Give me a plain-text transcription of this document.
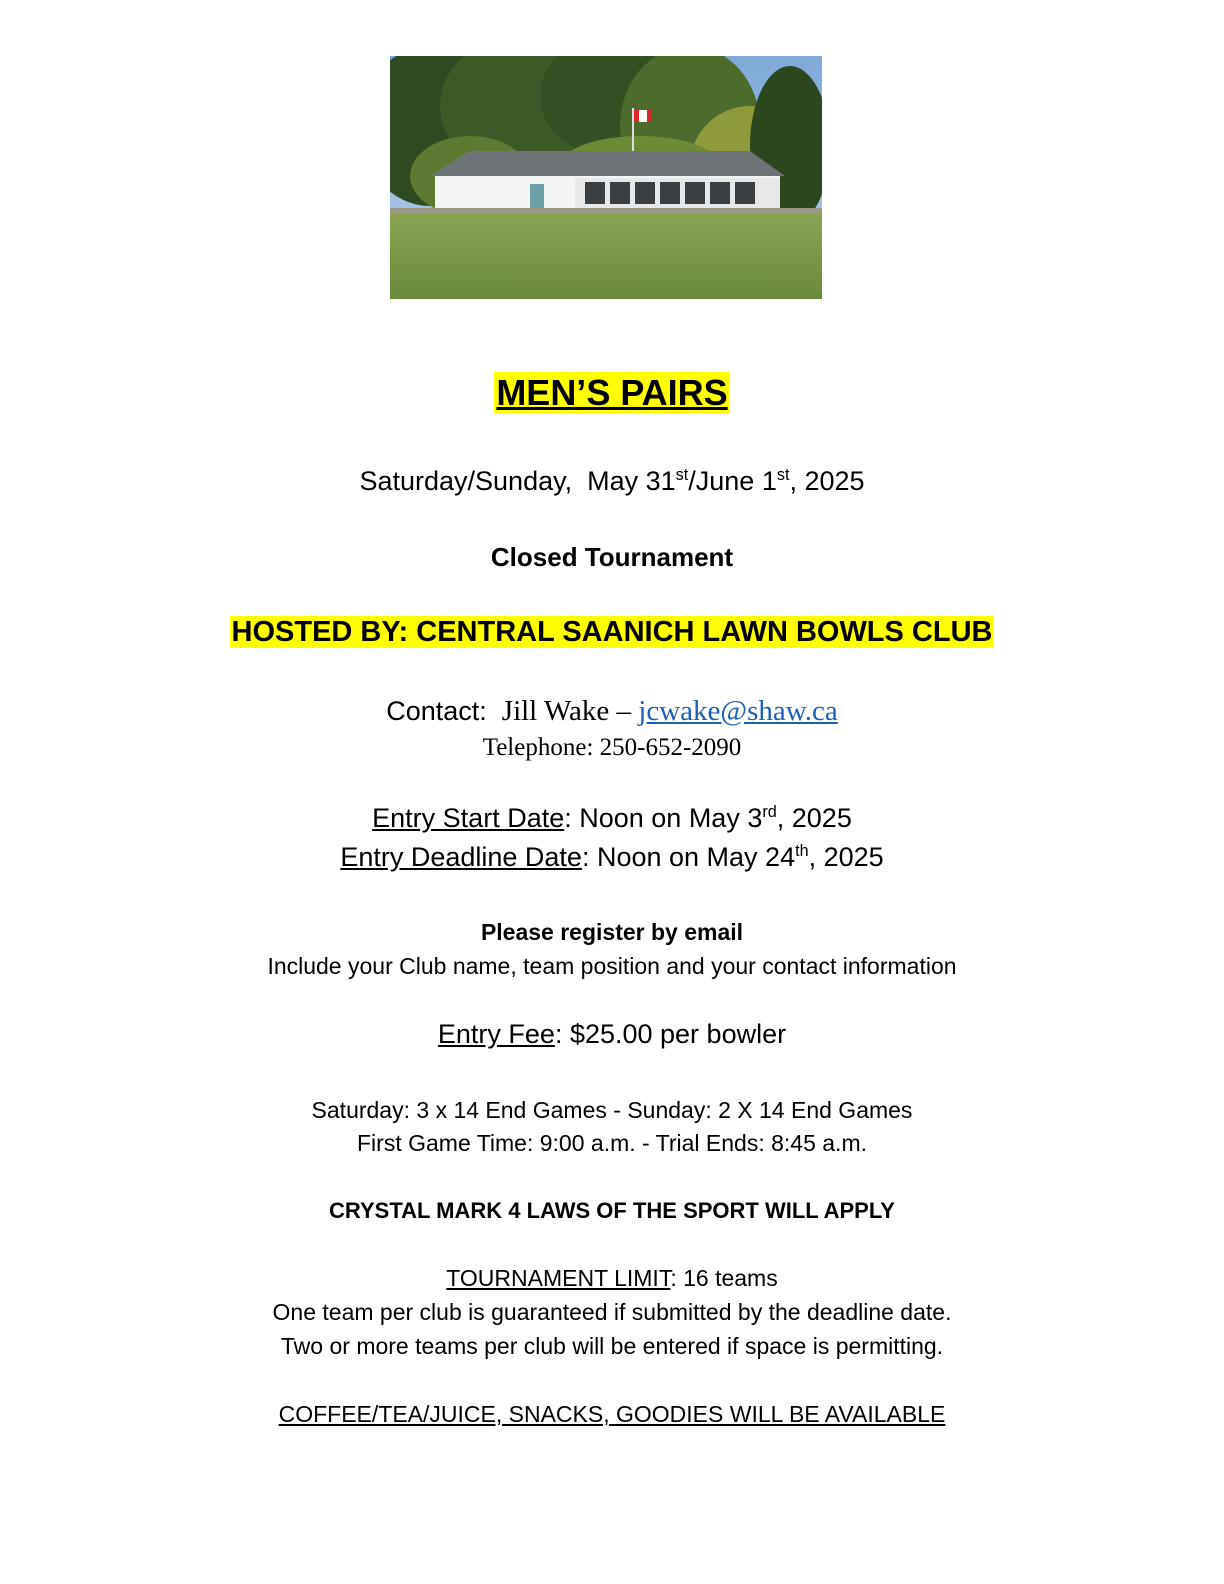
MEN’S PAIRS
Saturday/Sunday, May 31st/June 1st, 2025
Closed Tournament
HOSTED BY: CENTRAL SAANICH LAWN BOWLS CLUB
Contact: Jill Wake – jcwake@shaw.ca
Telephone: 250-652-2090
Entry Start Date: Noon on May 3rd, 2025
Entry Deadline Date: Noon on May 24th, 2025
Please register by email
Include your Club name, team position and your contact information
Entry Fee: $25.00 per bowler
Saturday: 3 x 14 End Games - Sunday: 2 X 14 End Games
First Game Time: 9:00 a.m. - Trial Ends: 8:45 a.m.
CRYSTAL MARK 4 LAWS OF THE SPORT WILL APPLY
TOURNAMENT LIMIT: 16 teams
One team per club is guaranteed if submitted by the deadline date.
Two or more teams per club will be entered if space is permitting.
COFFEE/TEA/JUICE, SNACKS, GOODIES WILL BE AVAILABLE
